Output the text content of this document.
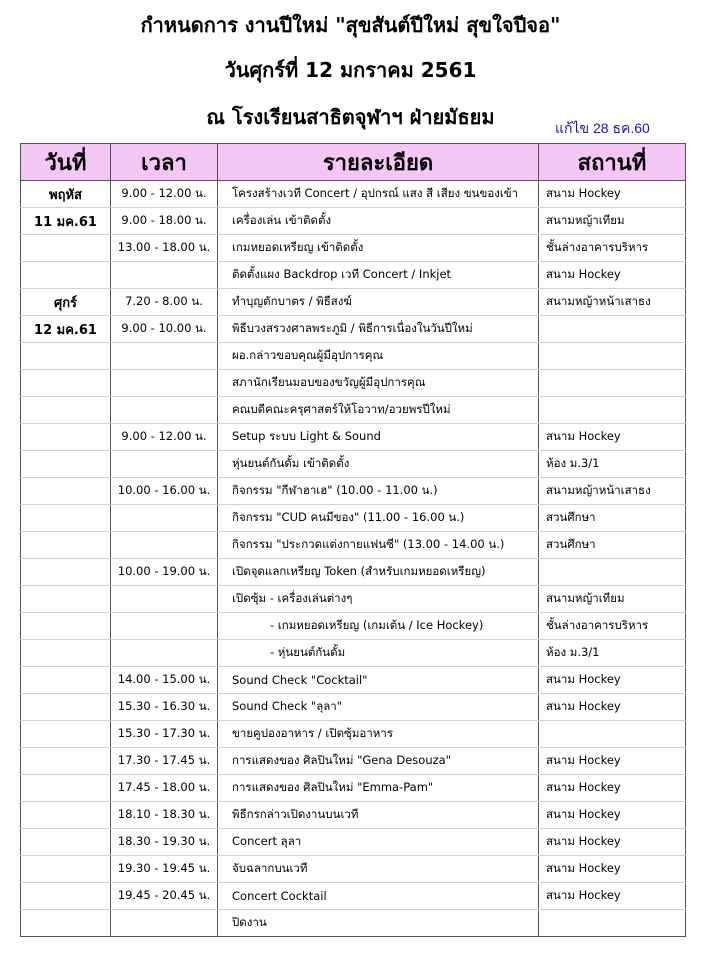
กำหนดการ งานปีใหม่ "สุขสันต์ปีใหม่ สุขใจปีจอ"
วันศุกร์ที่ 12 มกราคม 2561
ณ โรงเรียนสาธิตจุฬาฯ ฝ่ายมัธยม	แก้ไข 28 ธค.60
วันที่	เวลา	รายละเอียด	สถานที่
พฤหัส	9.00 - 12.00 น.	โครงสร้างเวที Concert / อุปกรณ์ แสง สี เสียง ขนของเข้า	สนาม Hockey
11 มค.61	9.00 - 18.00 น.	เครื่องเล่น เข้าติดตั้ง	สนามหญ้าเทียม
	13.00 - 18.00 น.	เกมหยอดเหรียญ เข้าติดตั้ง	ชั้นล่างอาคารบริหาร
		ติดตั้งแผง Backdrop เวที Concert / Inkjet	สนาม Hockey
ศุกร์	7.20 - 8.00 น.	ทำบุญตักบาตร / พิธีสงฆ์	สนามหญ้าหน้าเสาธง
12 มค.61	9.00 - 10.00 น.	พิธีบวงสรวงศาลพระภูมิ / พิธีการเนื่องในวันปีใหม่	
		ผอ.กล่าวขอบคุณผู้มีอุปการคุณ	
		สภานักเรียนมอบของขวัญผู้มีอุปการคุณ	
		คณบดีคณะครุศาสตร์ให้โอวาท/อวยพรปีใหม่	
	9.00 - 12.00 น.	Setup ระบบ Light & Sound	สนาม Hockey
		หุ่นยนต์กันดั้ม เข้าติดตั้ง	ห้อง ม.3/1
	10.00 - 16.00 น.	กิจกรรม "กีฬาฮาเฮ" (10.00 - 11.00 น.)	สนามหญ้าหน้าเสาธง
		กิจกรรม "CUD คนมีของ" (11.00 - 16.00 น.)	สวนศึกษา
		กิจกรรม "ประกวดแต่งกายแฟนซี" (13.00 - 14.00 น.)	สวนศึกษา
	10.00 - 19.00 น.	เปิดจุดแลกเหรียญ Token (สำหรับเกมหยอดเหรียญ)	
		เปิดซุ้ม - เครื่องเล่นต่างๆ	สนามหญ้าเทียม
		- เกมหยอดเหรียญ (เกมเต้น / Ice Hockey)	ชั้นล่างอาคารบริหาร
		- หุ่นยนต์กันดั้ม	ห้อง ม.3/1
	14.00 - 15.00 น.	Sound Check "Cocktail"	สนาม Hockey
	15.30 - 16.30 น.	Sound Check "ลุลา"	สนาม Hockey
	15.30 - 17.30 น.	ขายคูปองอาหาร / เปิดซุ้มอาหาร	
	17.30 - 17.45 น.	การแสดงของ ศิลปินใหม่ "Gena Desouza"	สนาม Hockey
	17.45 - 18.00 น.	การแสดงของ ศิลปินใหม่ "Emma-Pam"	สนาม Hockey
	18.10 - 18.30 น.	พิธีกรกล่าวเปิดงานบนเวที	สนาม Hockey
	18.30 - 19.30 น.	Concert ลุลา	สนาม Hockey
	19.30 - 19.45 น.	จับฉลากบนเวที	สนาม Hockey
	19.45 - 20.45 น.	Concert Cocktail	สนาม Hockey
		ปิดงาน	
